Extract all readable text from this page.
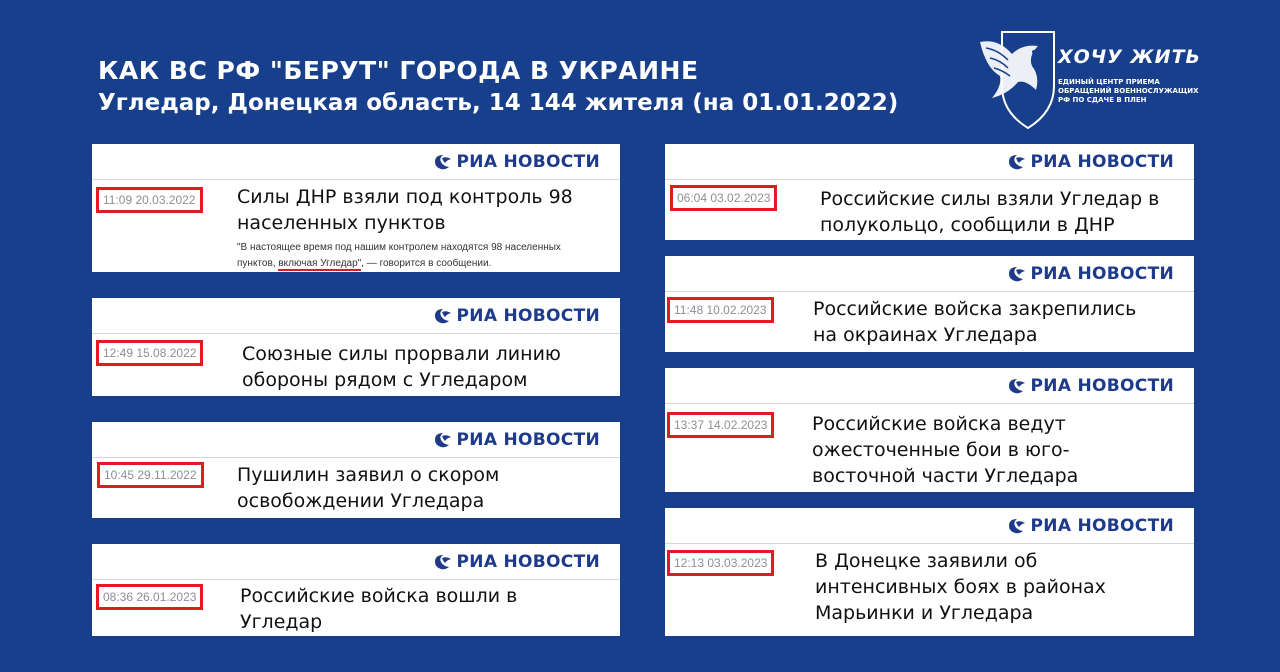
КАК ВС РФ "БЕРУТ" ГОРОДА В УКРАИНЕ
Угледар, Донецкая область, 14 144 жителя (на 01.01.2022)
ХОЧУ ЖИТЬ
ЕДИНЫЙ ЦЕНТР ПРИЕМА
ОБРАЩЕНИЙ ВОЕННОСЛУЖАЩИХ
РФ ПО СДАЧЕ В ПЛЕН
РИА НОВОСТИ
11:09 20.03.2022	Силы ДНР взяли под контроль 98
населенных пунктов
"В настоящее время под нашим контролем находятся 98 населенных
пунктов, включая Угледар", — говорится в сообщении.
РИА НОВОСТИ
12:49 15.08.2022	Союзные силы прорвали линию
обороны рядом с Угледаром
РИА НОВОСТИ
10:45 29.11.2022	Пушилин заявил о скором
освобождении Угледара
РИА НОВОСТИ
08:36 26.01.2023	Российские войска вошли в
Угледар
РИА НОВОСТИ
06:04 03.02.2023	Российские силы взяли Угледар в
полукольцо, сообщили в ДНР
РИА НОВОСТИ
11:48 10.02.2023	Российские войска закрепились
на окраинах Угледара
РИА НОВОСТИ
13:37 14.02.2023	Российские войска ведут
ожесточенные бои в юго-
восточной части Угледара
РИА НОВОСТИ
12:13 03.03.2023	В Донецке заявили об
интенсивных боях в районах
Марьинки и Угледара
